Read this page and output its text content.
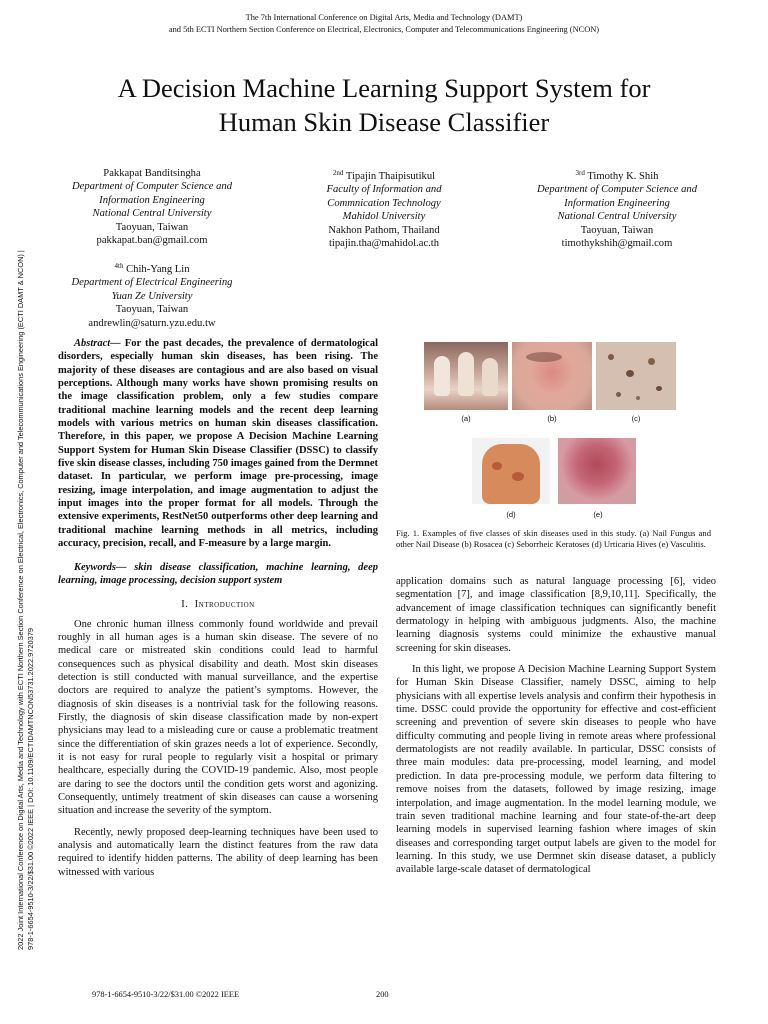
The 7th International Conference on Digital Arts, Media and Technology (DAMT)
and 5th ECTI Northern Section Conference on Electrical, Electronics, Computer and Telecommunications Engineering (NCON)
A Decision Machine Learning Support System for
Human Skin Disease Classifier
Pakkapat Banditsingha
Department of Computer Science and
Information Engineering
National Central University
Taoyuan, Taiwan
pakkapat.ban@gmail.com
$^{2nd}$ Tipajin Thaipisutikul
Faculty of Information and
Commnication Technology
Mahidol University
Nakhon Pathom, Thailand
tipajin.tha@mahidol.ac.th
$^{3rd}$ Timothy K. Shih
Department of Computer Science and
Information Engineering
National Central University
Taoyuan, Taiwan
timothykshih@gmail.com
$^{4th}$ Chih-Yang Lin
Department of Electrical Engineering
Yuan Ze University
Taoyuan, Taiwan
andrewlin@saturn.yzu.edu.tw

Abstract— For the past decades, the prevalence of dermatological disorders, especially human skin diseases, has been rising. The majority of these diseases are contagious and are also based on visual perceptions. Although many works have shown promising results on the image classification problem, only a few studies compare traditional machine learning models and the recent deep learning models with various metrics on human skin diseases classification. Therefore, in this paper, we propose A Decision Machine Learning Support System for Human Skin Disease Classifier (DSSC) to classify five skin disease classes, including 750 images gained from the Dermnet dataset. In particular, we perform image pre-processing, image resizing, image interpolation, and image augmentation to adjust the input images into the proper format for all models. Through the extensive experiments, RestNet50 outperforms other deep learning and traditional machine learning methods in all metrics, including accuracy, precision, recall, and F-measure by a large margin.

Keywords— skin disease classification, machine learning, deep learning, image processing, decision support system

I. Introduction

One chronic human illness commonly found worldwide and prevail roughly in all human ages is a human skin disease. The severe of no medical care or mistreated skin conditions could lead to harmful consequences such as physical disability and death. Most skin diseases detection is still conducted with manual surveillance, and the expertise doctors are required to analyze the patient’s symptoms. However, the diagnosis of skin diseases is a nontrivial task for the following reasons. Firstly, the diagnosis of skin disease classification made by non-expert physicians may lead to a misleading cure or cause a problematic treatment since the differentiation of skin grazes needs a lot of experience. Secondly, it is not easy for rural people to regularly visit a hospital or primary healthcare, especially during the COVID-19 pandemic. Also, most people are daring to see the doctors until the condition gets worst and agonizing. Consequently, untimely treatment of skin diseases can cause a worsening situation and increase the severity of the symptom.

Recently, newly proposed deep-learning techniques have been used to analysis and automatically learn the distinct features from the raw data required to identify hidden patterns. The ability of deep learning has been witnessed with various

(a)	(b)	(c)
(d)	(e)
Fig. 1. Examples of five classes of skin diseases used in this study. (a) Nail Fungus and other Nail Disease (b) Rosacea (c) Seborrheic Keratoses (d) Urticaria Hives (e) Vasculitis.

application domains such as natural language processing [6], video segmentation [7], and image classification [8,9,10,11]. Specifically, the advancement of image classification techniques can significantly benefit dermatology in helping with ambiguous judgments. Also, the machine learning diagnosis systems could minimize the exhaustive manual screening for skin diseases.

In this light, we propose A Decision Machine Learning Support System for Human Skin Disease Classifier, namely DSSC, aiming to help physicians with all expertise levels analysis and confirm their hypothesis in time. DSSC could provide the opportunity for effective and cost-efficient screening and prevention of severe skin diseases to people who have difficulty commuting and people living in remote areas where professional dermatologists are not readily available. In particular, DSSC consists of three main modules: data pre-processing, model learning, and model prediction. In data pre-processing module, we perform data filtering to remove noises from the datasets, followed by image resizing, image interpolation, and image augmentation. In the model learning module, we train seven traditional machine learning and four state-of-the-art deep learning models in supervised learning fashion where images of skin diseases and corresponding target output labels are given to the model for learning. In this study, we use Dermnet skin disease dataset, a publicly available large-scale dataset of dermatological

2022 Joint International Conference on Digital Arts, Media and Technology with ECTI Northern Section Conference on Electrical, Electronics, Computer and Telecommunications Engineering (ECTI DAMT & NCON) | 978-1-6654-9510-3/22/$31.00 ©2022 IEEE | DOI: 10.1109/ECTIDAMTNCON53731.2022.9720379
978-1-6654-9510-3/22/$31.00 ©2022 IEEE	200
